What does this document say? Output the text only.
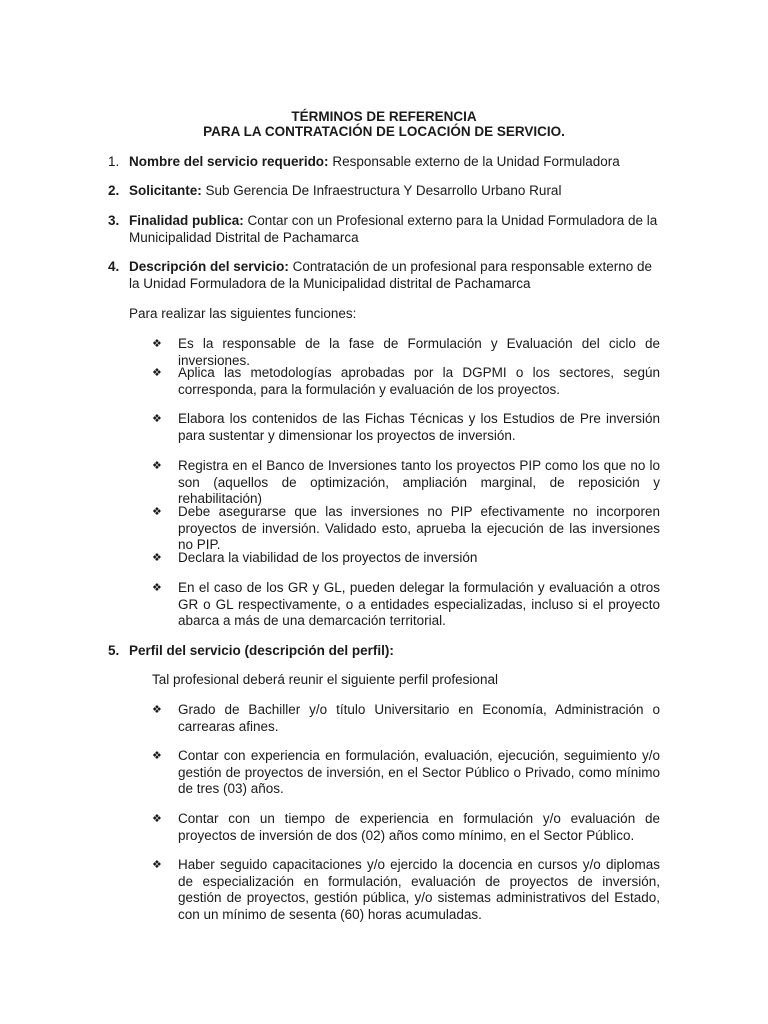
TÉRMINOS DE REFERENCIA
PARA LA CONTRATACIÓN DE LOCACIÓN DE SERVICIO.
1. Nombre del servicio requerido: Responsable externo de la Unidad Formuladora
2. Solicitante: Sub Gerencia De Infraestructura Y Desarrollo Urbano Rural
3. Finalidad publica: Contar con un Profesional externo para la Unidad Formuladora de la Municipalidad Distrital de Pachamarca
4. Descripción del servicio: Contratación de un profesional para responsable externo de la Unidad Formuladora de la Municipalidad distrital de Pachamarca
Para realizar las siguientes funciones:
❖ Es la responsable de la fase de Formulación y Evaluación del ciclo de inversiones.
❖ Aplica las metodologías aprobadas por la DGPMI o los sectores, según corresponda, para la formulación y evaluación de los proyectos.
❖ Elabora los contenidos de las Fichas Técnicas y los Estudios de Pre inversión para sustentar y dimensionar los proyectos de inversión.
❖ Registra en el Banco de Inversiones tanto los proyectos PIP como los que no lo son (aquellos de optimización, ampliación marginal, de reposición y rehabilitación)
❖ Debe asegurarse que las inversiones no PIP efectivamente no incorporen proyectos de inversión. Validado esto, aprueba la ejecución de las inversiones no PIP.
❖ Declara la viabilidad de los proyectos de inversión
❖ En el caso de los GR y GL, pueden delegar la formulación y evaluación a otros GR o GL respectivamente, o a entidades especializadas, incluso si el proyecto abarca a más de una demarcación territorial.
5. Perfil del servicio (descripción del perfil):
Tal profesional deberá reunir el siguiente perfil profesional
❖ Grado de Bachiller y/o título Universitario en Economía, Administración o carrearas afines.
❖ Contar con experiencia en formulación, evaluación, ejecución, seguimiento y/o gestión de proyectos de inversión, en el Sector Público o Privado, como mínimo de tres (03) años.
❖ Contar con un tiempo de experiencia en formulación y/o evaluación de proyectos de inversión de dos (02) años como mínimo, en el Sector Público.
❖ Haber seguido capacitaciones y/o ejercido la docencia en cursos y/o diplomas de especialización en formulación, evaluación de proyectos de inversión, gestión de proyectos, gestión pública, y/o sistemas administrativos del Estado, con un mínimo de sesenta (60) horas acumuladas.
